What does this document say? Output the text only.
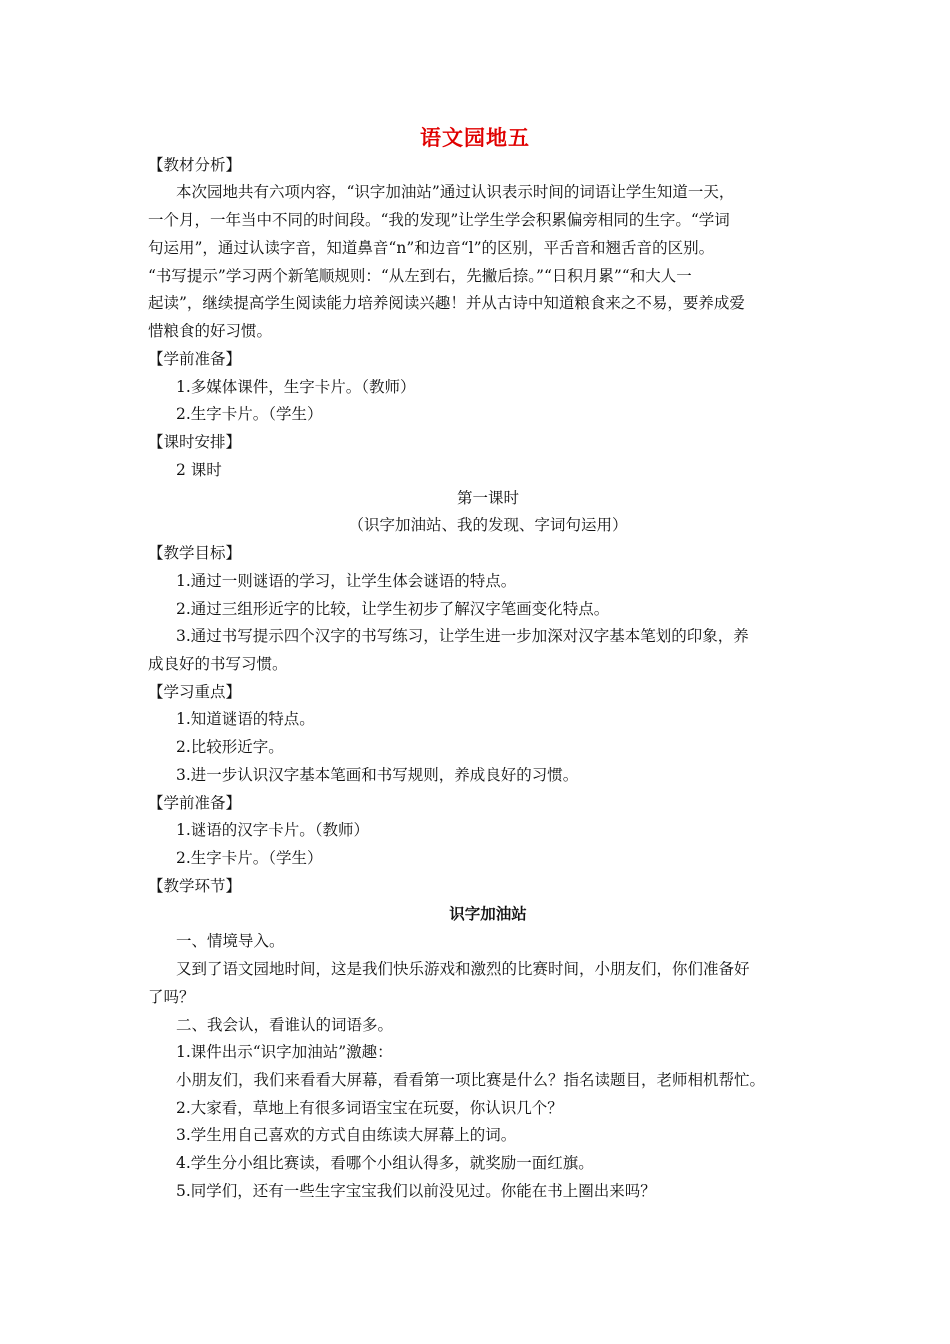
语文园地五
【教材分析】
本次园地共有六项内容，“识字加油站”通过认识表示时间的词语让学生知道一天，
一个月，一年当中不同的时间段。“我的发现”让学生学会积累偏旁相同的生字。“学词
句运用”，通过认读字音，知道鼻音“n”和边音“l”的区别，平舌音和翘舌音的区别。
“书写提示”学习两个新笔顺规则：“从左到右，先撇后捺。”“日积月累”“和大人一
起读”，继续提高学生阅读能力培养阅读兴趣！并从古诗中知道粮食来之不易，要养成爱
惜粮食的好习惯。
【学前准备】
1.多媒体课件，生字卡片。（教师）
2.生字卡片。（学生）
【课时安排】
2 课时
第一课时
（识字加油站、我的发现、字词句运用）
【教学目标】
1.通过一则谜语的学习，让学生体会谜语的特点。
2.通过三组形近字的比较，让学生初步了解汉字笔画变化特点。
3.通过书写提示四个汉字的书写练习，让学生进一步加深对汉字基本笔划的印象，养
成良好的书写习惯。
【学习重点】
1.知道谜语的特点。
2.比较形近字。
3.进一步认识汉字基本笔画和书写规则，养成良好的习惯。
【学前准备】
1.谜语的汉字卡片。（教师）
2.生字卡片。（学生）
【教学环节】
识字加油站
一、情境导入。
又到了语文园地时间，这是我们快乐游戏和激烈的比赛时间，小朋友们，你们准备好
了吗？
二、我会认，看谁认的词语多。
1.课件出示“识字加油站”激趣：
小朋友们，我们来看看大屏幕，看看第一项比赛是什么？指名读题目，老师相机帮忙。
2.大家看，草地上有很多词语宝宝在玩耍，你认识几个？
3.学生用自己喜欢的方式自由练读大屏幕上的词。
4.学生分小组比赛读，看哪个小组认得多，就奖励一面红旗。
5.同学们，还有一些生字宝宝我们以前没见过。你能在书上圈出来吗？
